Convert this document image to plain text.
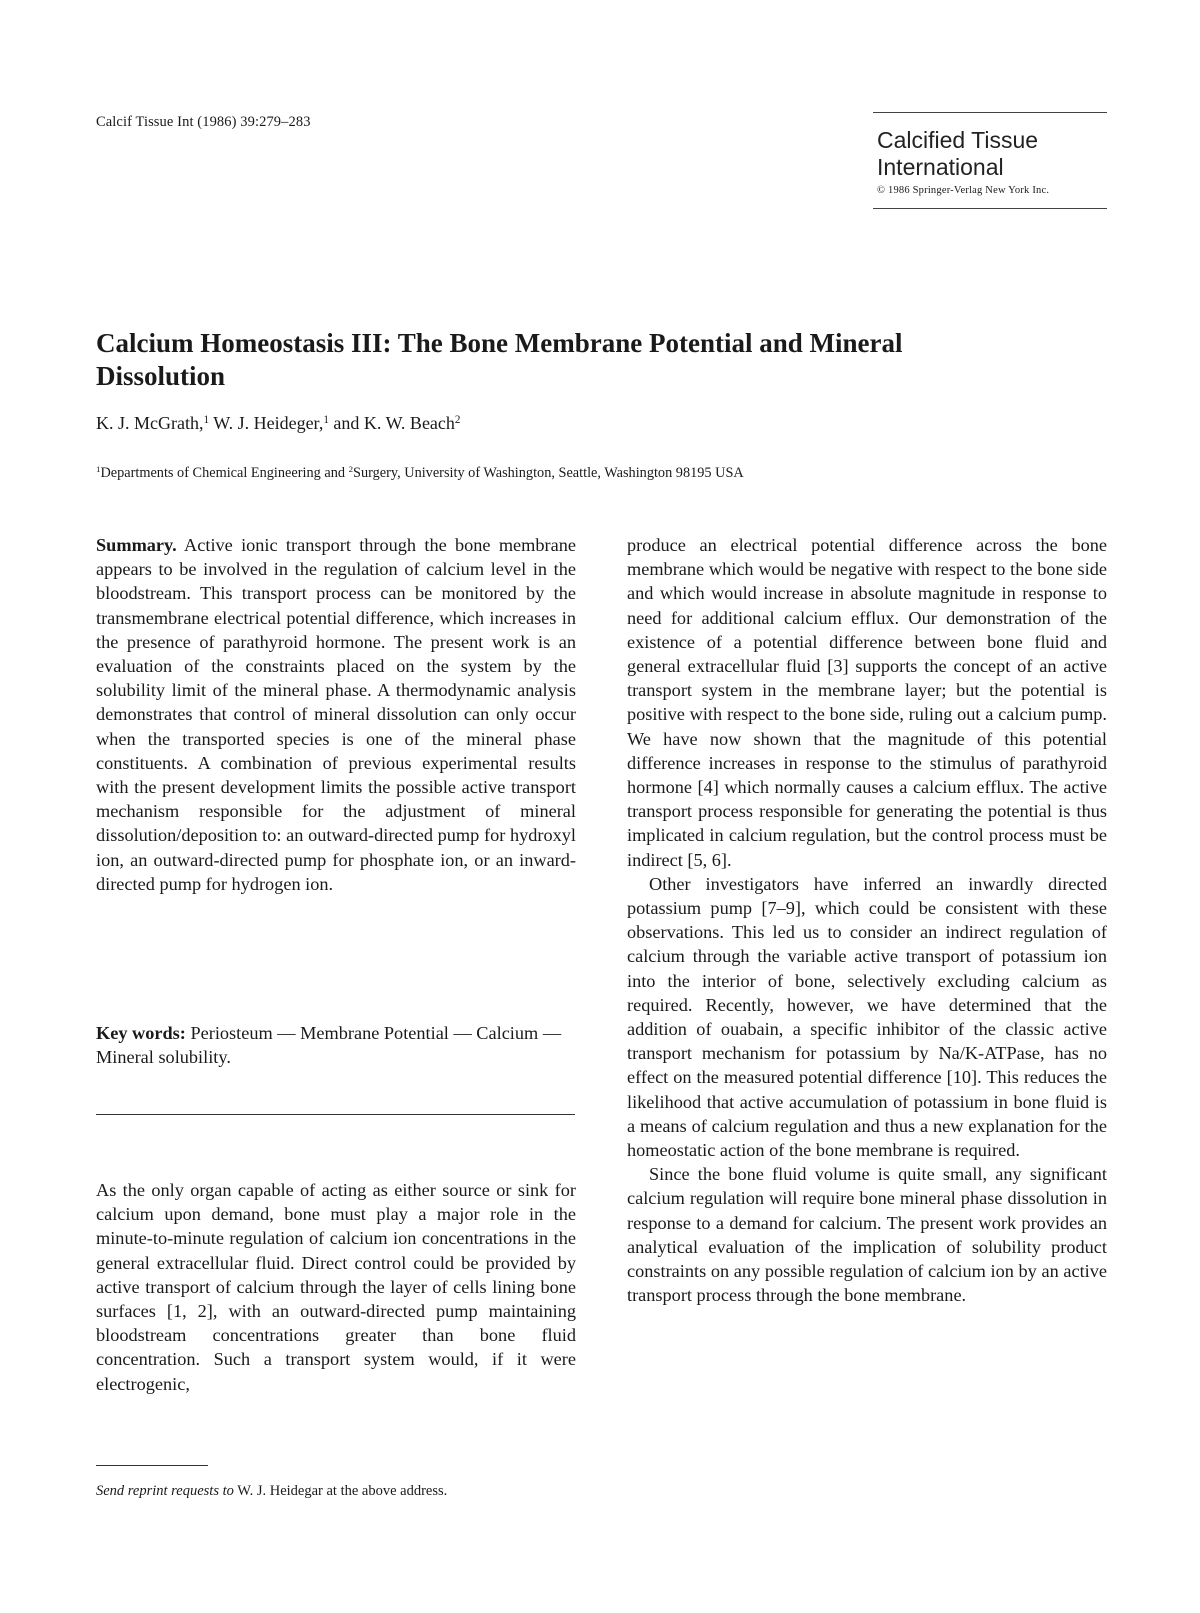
Calcif Tissue Int (1986) 39:279–283
Calcified Tissue
International
© 1986 Springer-Verlag New York Inc.
Calcium Homeostasis III: The Bone Membrane Potential and Mineral Dissolution
K. J. McGrath,$^1$ W. J. Heideger,$^1$ and K. W. Beach$^2$
$^1$Departments of Chemical Engineering and $^2$Surgery, University of Washington, Seattle, Washington 98195 USA

Summary. Active ionic transport through the bone membrane appears to be involved in the regulation of calcium level in the bloodstream. This transport process can be monitored by the transmembrane electrical potential difference, which increases in the presence of parathyroid hormone. The present work is an evaluation of the constraints placed on the system by the solubility limit of the mineral phase. A thermodynamic analysis demonstrates that control of mineral dissolution can only occur when the transported species is one of the mineral phase constituents. A combination of previous experimental results with the present development limits the possible active transport mechanism responsible for the adjustment of mineral dissolution/deposition to: an outward-directed pump for hydroxyl ion, an outward-directed pump for phosphate ion, or an inward-directed pump for hydrogen ion.

Key words: Periosteum — Membrane Potential — Calcium — Mineral solubility.

As the only organ capable of acting as either source or sink for calcium upon demand, bone must play a major role in the minute-to-minute regulation of calcium ion concentrations in the general extracellular fluid. Direct control could be provided by active transport of calcium through the layer of cells lining bone surfaces [1, 2], with an outward-directed pump maintaining bloodstream concentrations greater than bone fluid concentration. Such a transport system would, if it were electrogenic,

Send reprint requests to W. J. Heidegar at the above address.

produce an electrical potential difference across the bone membrane which would be negative with respect to the bone side and which would increase in absolute magnitude in response to need for additional calcium efflux. Our demonstration of the existence of a potential difference between bone fluid and general extracellular fluid [3] supports the concept of an active transport system in the membrane layer; but the potential is positive with respect to the bone side, ruling out a calcium pump. We have now shown that the magnitude of this potential difference increases in response to the stimulus of parathyroid hormone [4] which normally causes a calcium efflux. The active transport process responsible for generating the potential is thus implicated in calcium regulation, but the control process must be indirect [5, 6].

Other investigators have inferred an inwardly directed potassium pump [7–9], which could be consistent with these observations. This led us to consider an indirect regulation of calcium through the variable active transport of potassium ion into the interior of bone, selectively excluding calcium as required. Recently, however, we have determined that the addition of ouabain, a specific inhibitor of the classic active transport mechanism for potassium by Na/K-ATPase, has no effect on the measured potential difference [10]. This reduces the likelihood that active accumulation of potassium in bone fluid is a means of calcium regulation and thus a new explanation for the homeostatic action of the bone membrane is required.

Since the bone fluid volume is quite small, any significant calcium regulation will require bone mineral phase dissolution in response to a demand for calcium. The present work provides an analytical evaluation of the implication of solubility product constraints on any possible regulation of calcium ion by an active transport process through the bone membrane.
